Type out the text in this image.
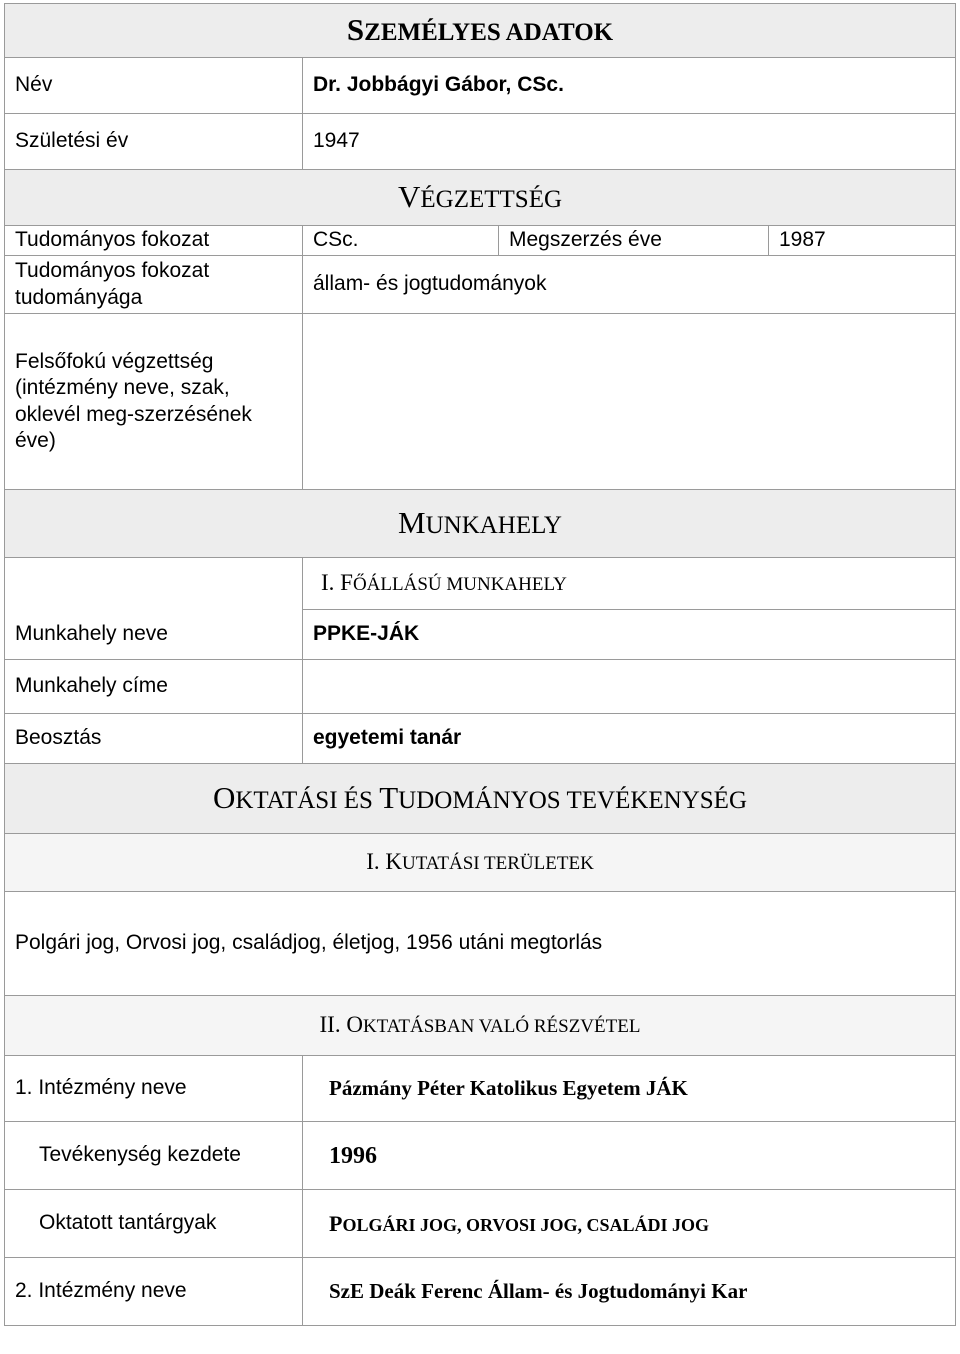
SZEMÉLYES ADATOK			
Név	Dr. Jobbágyi Gábor, CSc.		
Születési év	1947		
VÉGZETTSÉG			
Tudományos fokozat	CSc.	Megszerzés éve	1987
Tudományos fokozat tudományága	állam- és jogtudományok		
Felsőfokú végzettség (intézmény neve, szak, oklevél meg-szerzésének éve)			
MUNKAHELY			
	I. FŐÁLLÁSÚ MUNKAHELY		
Munkahely neve	PPKE-JÁK		
Munkahely címe			
Beosztás	egyetemi tanár		
OKTATÁSI ÉS TUDOMÁNYOS TEVÉKENYSÉG			
I. KUTATÁSI TERÜLETEK			
Polgári jog, Orvosi jog, családjog, életjog, 1956 utáni megtorlás			
II. OKTATÁSBAN VALÓ RÉSZVÉTEL			
1. Intézmény neve	Pázmány Péter Katolikus Egyetem JÁK		
Tevékenység kezdete	1996		
Oktatott tantárgyak	POLGÁRI JOG, ORVOSI JOG, CSALÁDI JOG		
2. Intézmény neve	SzE Deák Ferenc Állam- és Jogtudományi Kar		
